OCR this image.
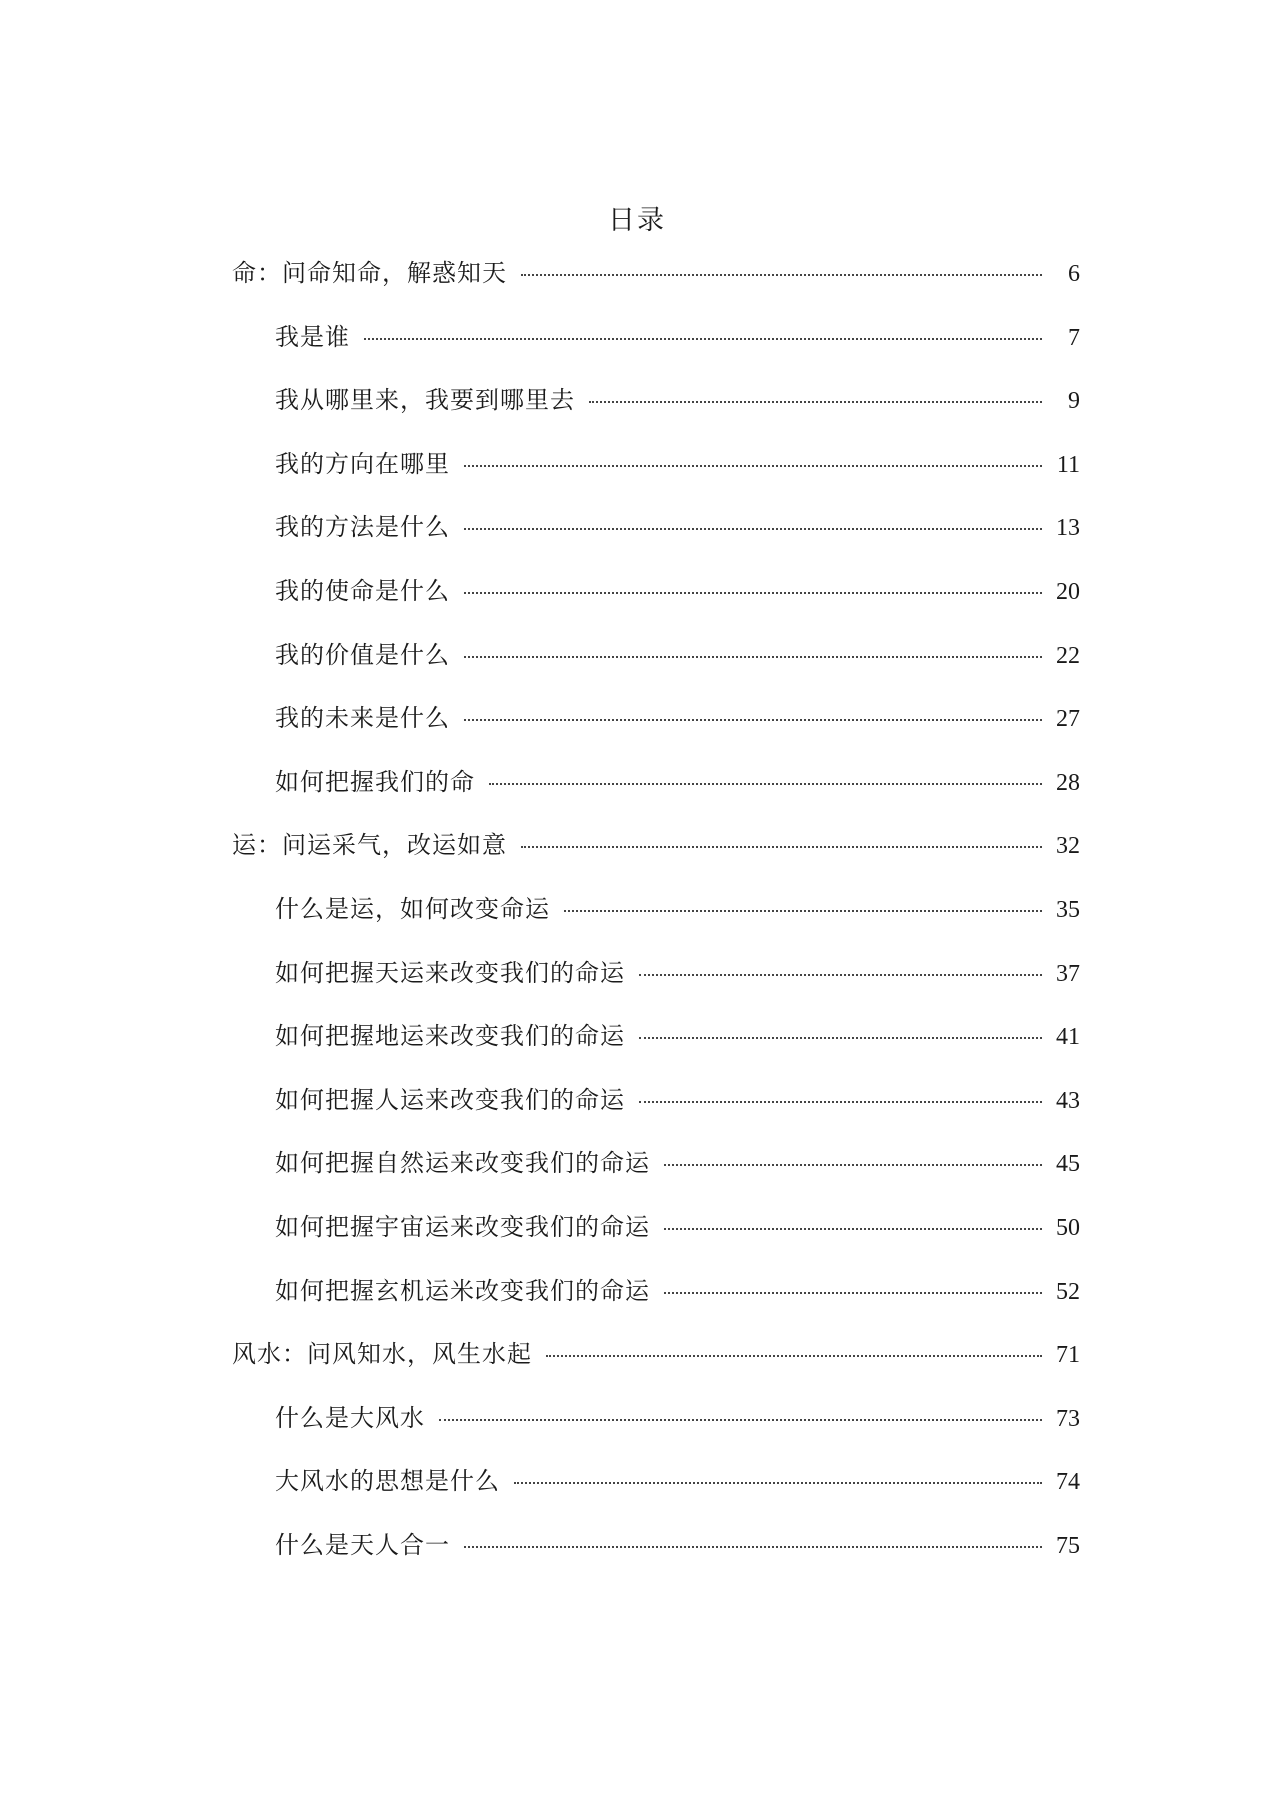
日录
命：问命知命，解惑知天	6
我是谁	7
我从哪里来，我要到哪里去	9
我的方向在哪里	11
我的方法是什么	13
我的使命是什么	20
我的价值是什么	22
我的未来是什么	27
如何把握我们的命	28
运：问运采气，改运如意	32
什么是运，如何改变命运	35
如何把握天运来改变我们的命运	37
如何把握地运来改变我们的命运	41
如何把握人运来改变我们的命运	43
如何把握自然运来改变我们的命运	45
如何把握宇宙运来改变我们的命运	50
如何把握玄机运米改变我们的命运	52
风水：问风知水，风生水起	71
什么是大风水	73
大风水的思想是什么	74
什么是天人合一	75
